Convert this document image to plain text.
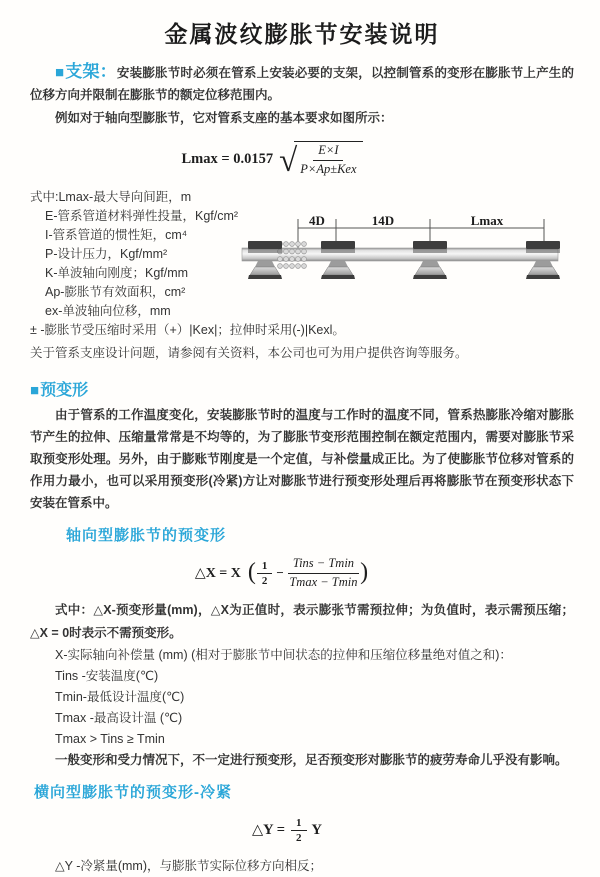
金属波纹膨胀节安装说明

■支架：安装膨胀节时必须在管系上安装必要的支架，以控制管系的变形在膨胀节上产生的位移方向并限制在膨胀节的额定位移范围内。

例如对于轴向型膨胀节，它对管系支座的基本要求如图所示：
Lmax = 0.0157 √ $\frac{E\times I}{\text{P×Ap±Kex}}$
式中:Lmax-最大导向间距，m
E-管系管道材料弹性投量，Kgf/cm²
I-管系管道的惯性矩，cm⁴
P-设计压力，Kgf/mm²
K-单波轴向刚度；Kgf/mm
Ap-膨胀节有效面积，cm²
ex-单波轴向位移，mm
± -膨胀节受压缩时采用（+）|Kex|；拉伸时采用(-)|Kexl。
4D	14D	Lmax
关于管系支座设计问题，请参阅有关资料，本公司也可为用户提供咨询等服务。
■预变形

由于管系的工作温度变化，安装膨胀节时的温度与工作时的温度不同，管系热膨胀冷缩对膨胀节产生的拉伸、压缩量常常是不均等的，为了膨胀节变形范围控制在额定范围内，需要对膨胀节采取预变形处理。另外，由于膨账节刚度是一个定值，与补偿量成正比。为了使膨胀节位移对管系的作用力最小，也可以采用预变形(冷紧)方让对膨胀节进行预变形处理后再将膨胀节在预变形状态下安装在管系中。

轴向型膨胀节的预变形
△X = X ( $\frac{1}{2} - \frac{\text{Tins − Tmin}}{Tmax - Tmin}$ )

式中：△X-预变形量(mm)，△X为正值时，表示膨张节需预拉伸；为负值时，表示需预压缩；△X = 0时表示不需预变形。

X-实际轴向补偿量 (mm) (相对于膨胀节中间状态的拉伸和压缩位移量绝对值之和)：
Tins -安装温度(℃)
Tmin-最低设计温度(℃)
Tmax -最高设计温 (℃)
Tmax > Tins ≥ Tmin
一般变形和受力情况下，不一定进行预变形，足否预变形对膨胀节的疲劳寿命儿乎没有影响。
横向型膨胀节的预变形-冷紧
△Y = $\frac{1}{2}$ Y
△Y -冷紧量(mm)，与膨胀节实际位移方向相反；
